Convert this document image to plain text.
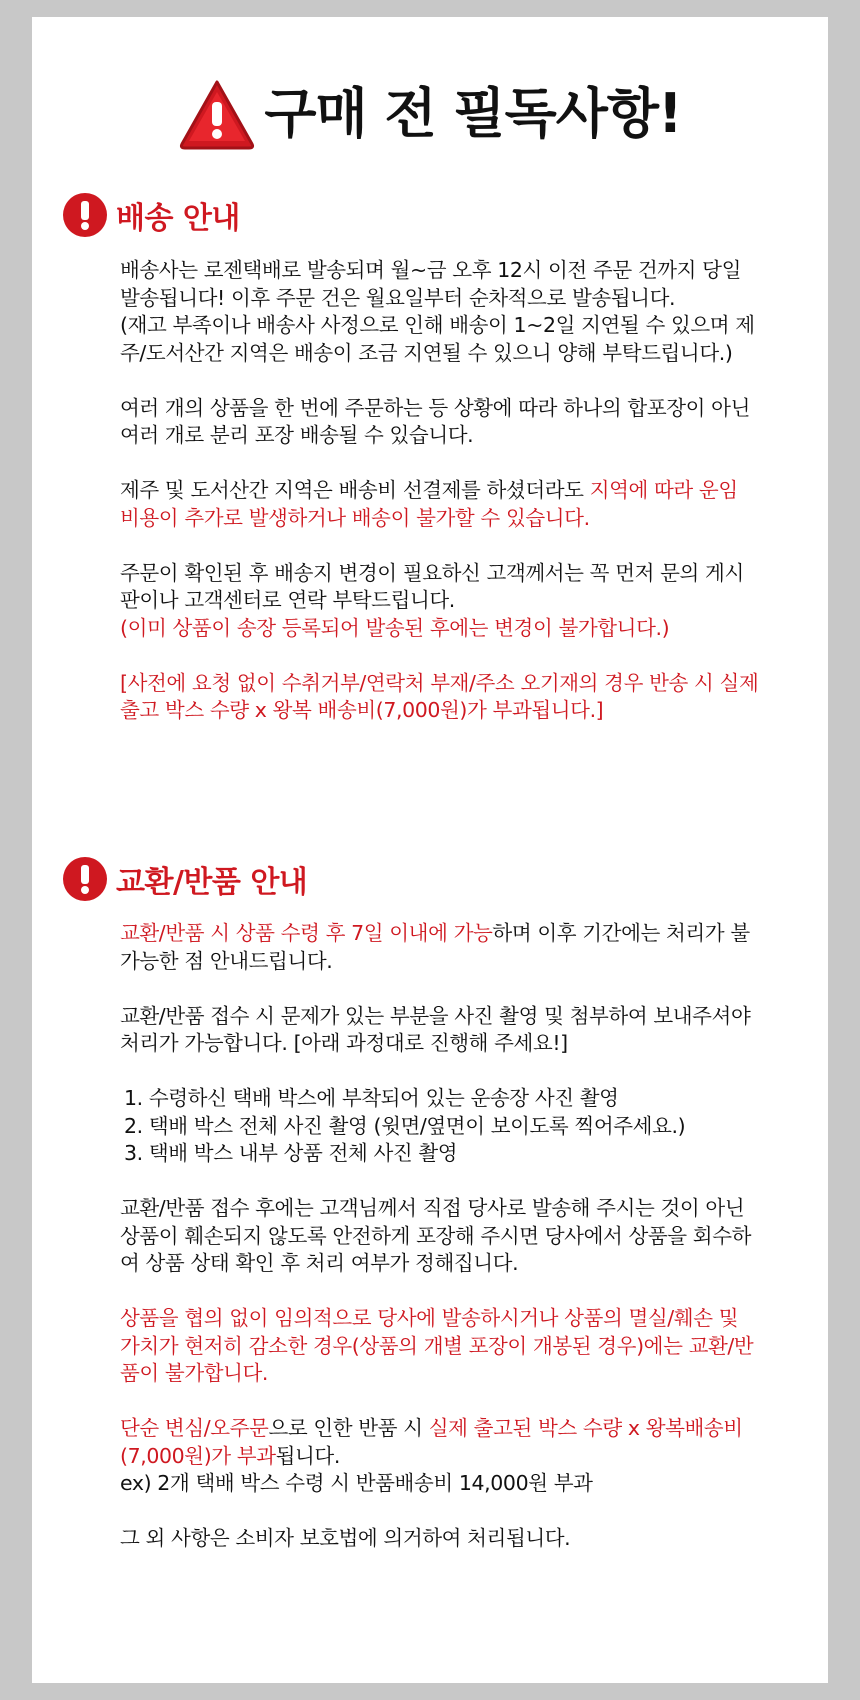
구매 전 필독사항!
배송 안내

배송사는 로젠택배로 발송되며 월~금 오후 12시 이전 주문 건까지 당일 발송됩니다! 이후 주문 건은 월요일부터 순차적으로 발송됩니다.
(재고 부족이나 배송사 사정으로 인해 배송이 1~2일 지연될 수 있으며 제주/도서산간 지역은 배송이 조금 지연될 수 있으니 양해 부탁드립니다.)

여러 개의 상품을 한 번에 주문하는 등 상황에 따라 하나의 합포장이 아닌 여러 개로 분리 포장 배송될 수 있습니다.

제주 및 도서산간 지역은 배송비 선결제를 하셨더라도 지역에 따라 운임 비용이 추가로 발생하거나 배송이 불가할 수 있습니다.

주문이 확인된 후 배송지 변경이 필요하신 고객께서는 꼭 먼저 문의 게시판이나 고객센터로 연락 부탁드립니다.
(이미 상품이 송장 등록되어 발송된 후에는 변경이 불가합니다.)

[사전에 요청 없이 수취거부/연락처 부재/주소 오기재의 경우 반송 시 실제 출고 박스 수량 x 왕복 배송비(7,000원)가 부과됩니다.]

교환/반품 안내

교환/반품 시 상품 수령 후 7일 이내에 가능하며 이후 기간에는 처리가 불가능한 점 안내드립니다.

교환/반품 접수 시 문제가 있는 부분을 사진 촬영 및 첨부하여 보내주셔야 처리가 가능합니다. [아래 과정대로 진행해 주세요!]

1. 수령하신 택배 박스에 부착되어 있는 운송장 사진 촬영
2. 택배 박스 전체 사진 촬영 (윗면/옆면이 보이도록 찍어주세요.)
3. 택배 박스 내부 상품 전체 사진 촬영

교환/반품 접수 후에는 고객님께서 직접 당사로 발송해 주시는 것이 아닌 상품이 훼손되지 않도록 안전하게 포장해 주시면 당사에서 상품을 회수하여 상품 상태 확인 후 처리 여부가 정해집니다.

상품을 협의 없이 임의적으로 당사에 발송하시거나 상품의 멸실/훼손 및 가치가 현저히 감소한 경우(상품의 개별 포장이 개봉된 경우)에는 교환/반품이 불가합니다.

단순 변심/오주문으로 인한 반품 시 실제 출고된 박스 수량 x 왕복배송비(7,000원)가 부과됩니다.
ex) 2개 택배 박스 수령 시 반품배송비 14,000원 부과

그 외 사항은 소비자 보호법에 의거하여 처리됩니다.
